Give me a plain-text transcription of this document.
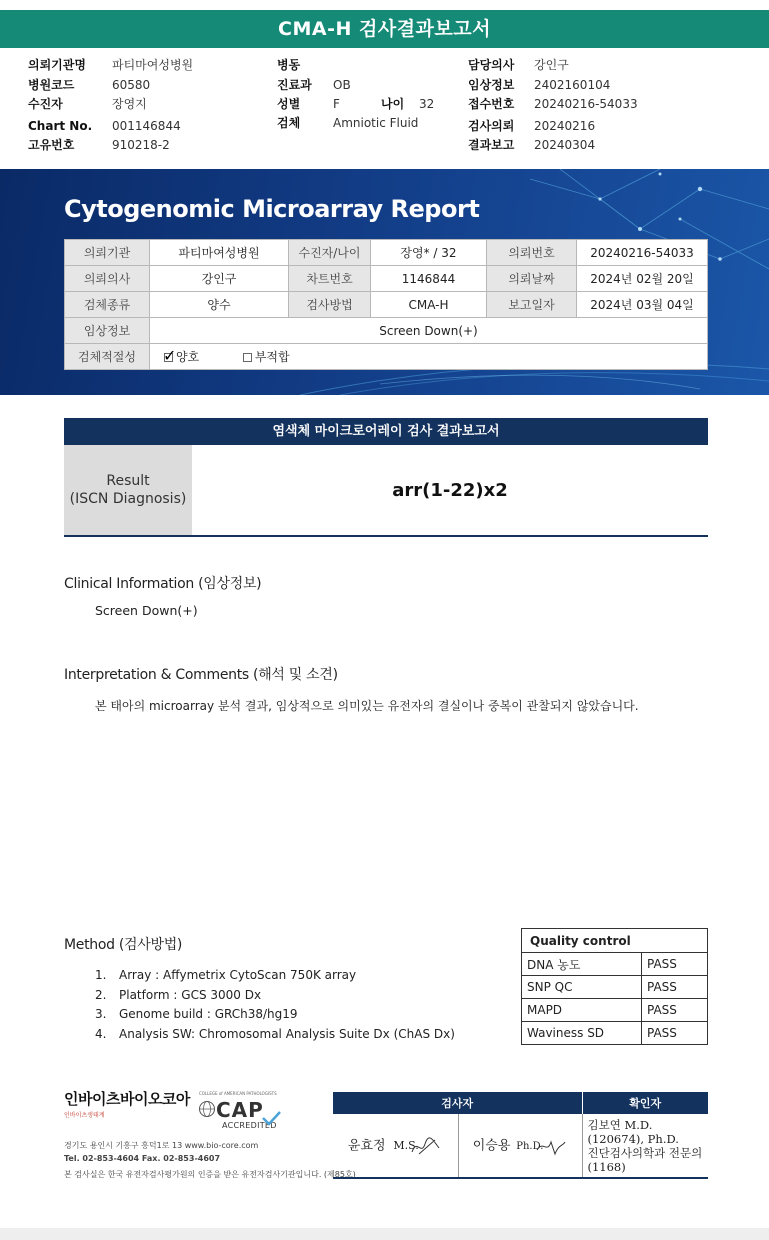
CMA-H 검사결과보고서
의뢰기관명	파티마여성병원
병원코드	60580
수진자	장영지
Chart No.	001146844
고유번호	910218-2
병동
진료과	OB
성별	F	나이	32
검체	Amniotic Fluid
담당의사	강인구
임상정보	2402160104
접수번호	20240216-54033
검사의뢰	20240216
결과보고	20240304
Cytogenomic Microarray Report
의뢰기관	파티마여성병원	수진자/나이	장영* / 32	의뢰번호	20240216-54033
의뢰의사	강인구	차트번호	1146844	의뢰날짜	2024년 02월 20일
검체종류	양수	검사방법	CMA-H	보고일자	2024년 03월 04일
임상정보	Screen Down(+)				
검체적절성	✓ 양호 부적합				
염색체 마이크로어레이 검사 결과보고서
Result
(ISCN Diagnosis)	arr(1-22)x2
Clinical Information (임상정보)
Screen Down(+)
Interpretation & Comments (해석 및 소견)
본 태아의 microarray 분석 결과, 임상적으로 의미있는 유전자의 결실이나 중복이 관찰되지 않았습니다.
Method (검사방법)
1.	Array : Affymetrix CytoScan 750K array
2.	Platform : GCS 3000 Dx
3.	Genome build : GRCh38/hg19
4.	Analysis SW: Chromosomal Analysis Suite Dx (ChAS Dx)
Quality control	
DNA 농도	PASS
SNP QC	PASS
MAPD	PASS
Waviness SD	PASS
인바이츠바이오코아
인바이츠생태계
COLLEGE of AMERICAN PATHOLOGISTS
CAP
ACCREDITED
경기도 용인시 기흥구 흥덕1로 13 www.bio-core.com
Tel. 02-853-4604 Fax. 02-853-4607
본 검사실은 한국 유전자검사평가원의 인증을 받은 유전자검사기관입니다. (제85호)
검사자		확인자
윤효정 M.S.	이승용 Ph.D.	김보연 M.D.(120674), Ph.D.
진단검사의학과 전문의(1168)
